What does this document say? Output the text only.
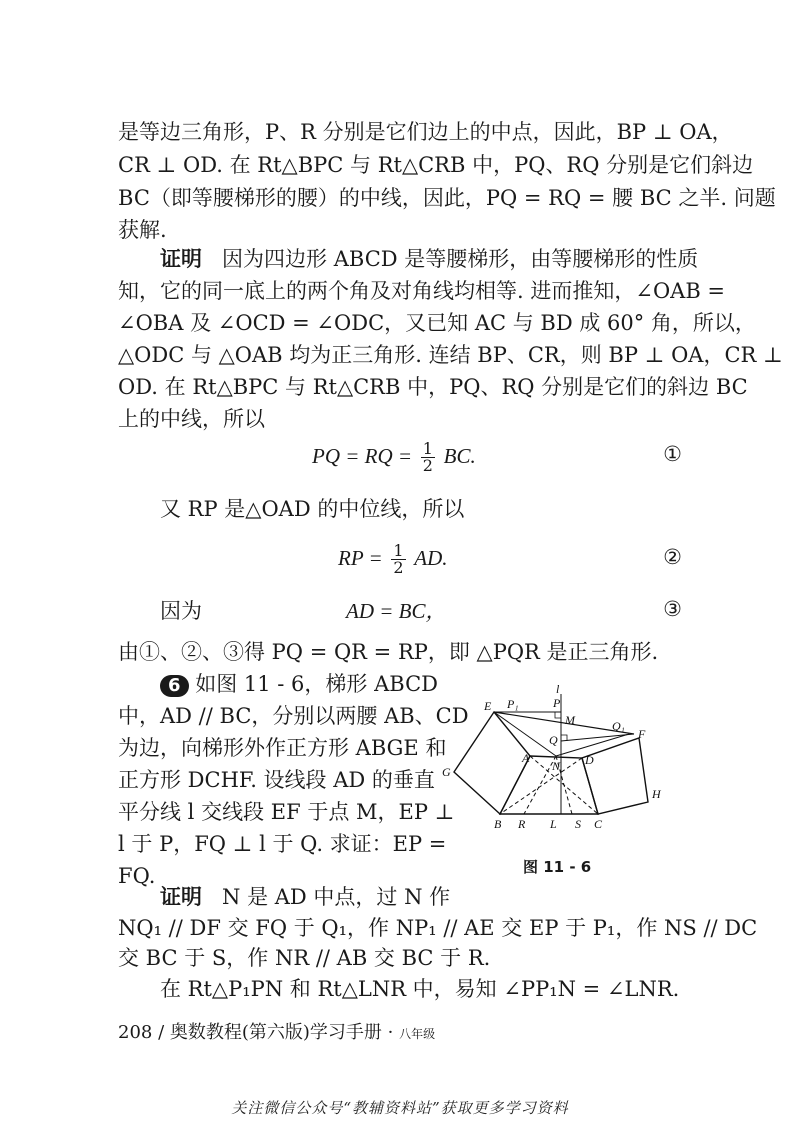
是等边三角形，P、R 分别是它们边上的中点，因此，BP ⊥ OA，
CR ⊥ OD. 在 Rt△BPC 与 Rt△CRB 中，PQ、RQ 分别是它们斜边
BC（即等腰梯形的腰）的中线，因此，PQ = RQ = 腰 BC 之半. 问题
获解.
证明 因为四边形 ABCD 是等腰梯形，由等腰梯形的性质
知，它的同一底上的两个角及对角线均相等. 进而推知，∠OAB =
∠OBA 及 ∠OCD = ∠ODC，又已知 AC 与 BD 成 60° 角，所以，
△ODC 与 △OAB 均为正三角形. 连结 BP、CR，则 BP ⊥ OA，CR ⊥
OD. 在 Rt△BPC 与 Rt△CRB 中，PQ、RQ 分别是它们的斜边 BC
上的中线，所以
PQ = RQ = $\frac{1}{2}$ BC.	①
又 RP 是△OAD 的中位线，所以
RP = $\frac{1}{2}$ AD.	②
因为	AD = BC，	③
由①、②、③得 PQ = QR = RP，即 △PQR 是正三角形.
6 如图 11 - 6，梯形 ABCD
中，AD // BC，分别以两腰 AB、CD
为边，向梯形外作正方形 ABGE 和
正方形 DCHF. 设线段 AD 的垂直
平分线 l 交线段 EF 于点 M，EP ⊥
l 于 P，FQ ⊥ l 于 Q. 求证：EP =
FQ.
l
E P₁	P
M	Q₁
F
Q
A
N D
G
H
B R L S C
图 11 - 6
证明 N 是 AD 中点，过 N 作
NQ₁ // DF 交 FQ 于 Q₁，作 NP₁ // AE 交 EP 于 P₁，作 NS // DC
交 BC 于 S，作 NR // AB 交 BC 于 R.
在 Rt△P₁PN 和 Rt△LNR 中，易知 ∠PP₁N = ∠LNR.
208 / 奥数教程(第六版)学习手册 · 八年级
关注微信公众号“教辅资料站”获取更多学习资料
